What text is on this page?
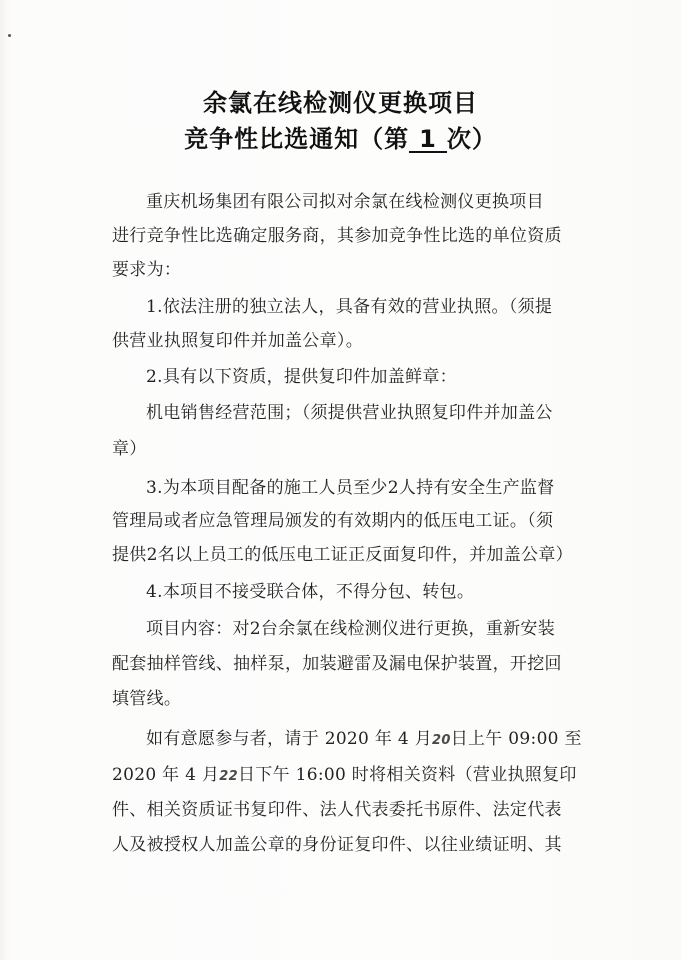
余氯在线检测仪更换项目
竞争性比选通知（第 1 次）
重庆机场集团有限公司拟对余氯在线检测仪更换项目
进行竞争性比选确定服务商，其参加竞争性比选的单位资质
要求为：
1.依法注册的独立法人，具备有效的营业执照。（须提
供营业执照复印件并加盖公章）。
2.具有以下资质，提供复印件加盖鲜章：
机电销售经营范围；（须提供营业执照复印件并加盖公
章）
3.为本项目配备的施工人员至少2人持有安全生产监督
管理局或者应急管理局颁发的有效期内的低压电工证。（须
提供2名以上员工的低压电工证正反面复印件，并加盖公章）
4.本项目不接受联合体，不得分包、转包。
项目内容：对2台余氯在线检测仪进行更换，重新安装
配套抽样管线、抽样泵，加装避雷及漏电保护装置，开挖回
填管线。
如有意愿参与者，请于 2020 年 4 月20日上午 09:00 至
2020 年 4 月22日下午 16:00 时将相关资料（营业执照复印
件、相关资质证书复印件、法人代表委托书原件、法定代表
人及被授权人加盖公章的身份证复印件、以往业绩证明、其
